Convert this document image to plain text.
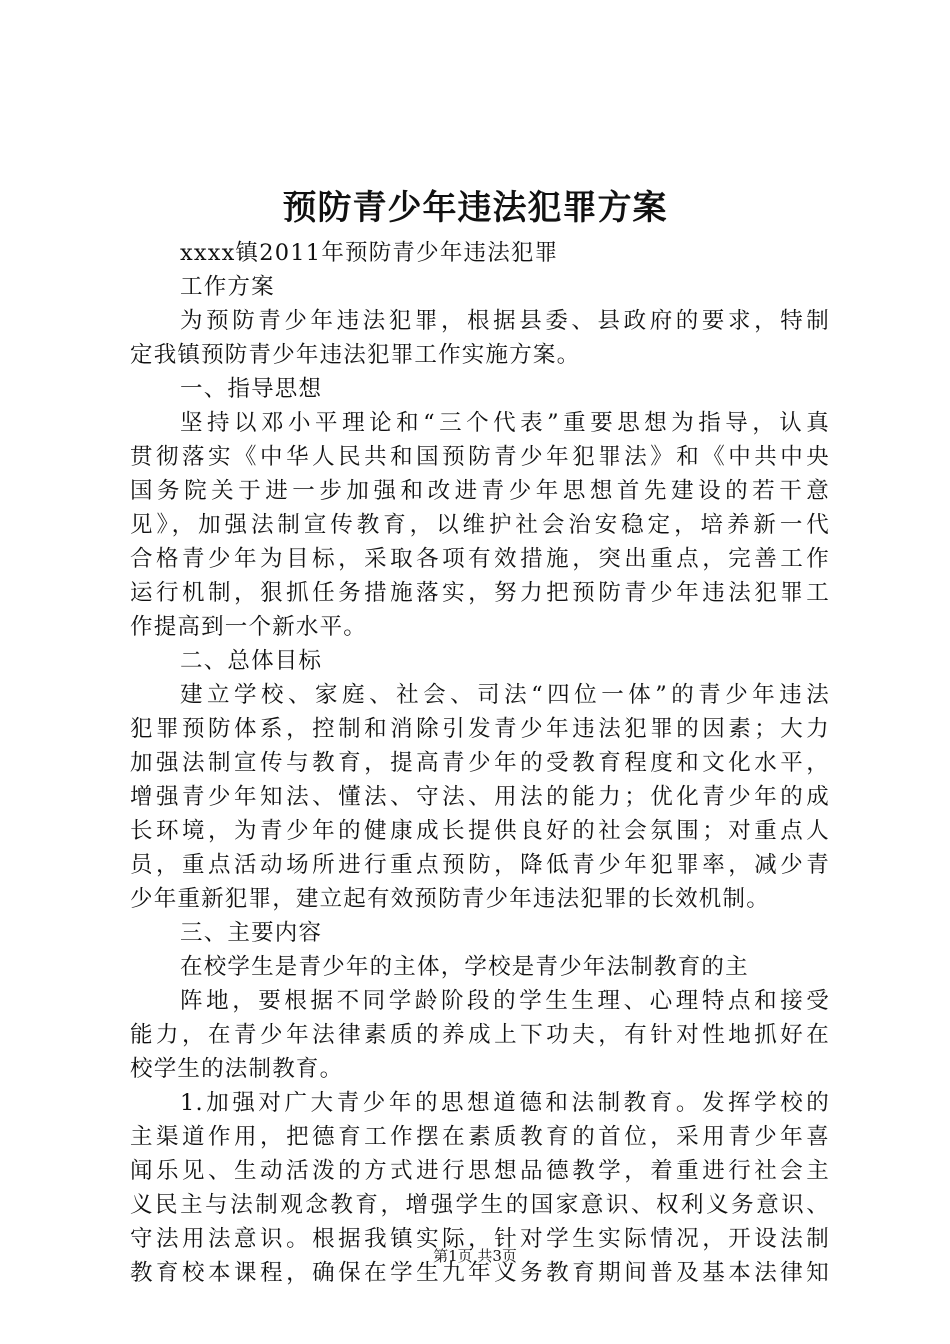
预防青少年违法犯罪方案
xxxx镇2011年预防青少年违法犯罪
工作方案
为预防青少年违法犯罪，根据县委、县政府的要求，特制
定我镇预防青少年违法犯罪工作实施方案。
一、指导思想
坚持以邓小平理论和“三个代表”重要思想为指导，认真
贯彻落实《中华人民共和国预防青少年犯罪法》和《中共中央
国务院关于进一步加强和改进青少年思想首先建设的若干意
见》，加强法制宣传教育，以维护社会治安稳定，培养新一代
合格青少年为目标，采取各项有效措施，突出重点，完善工作
运行机制，狠抓任务措施落实，努力把预防青少年违法犯罪工
作提高到一个新水平。
二、总体目标
建立学校、家庭、社会、司法“四位一体”的青少年违法
犯罪预防体系，控制和消除引发青少年违法犯罪的因素；大力
加强法制宣传与教育，提高青少年的受教育程度和文化水平，
增强青少年知法、懂法、守法、用法的能力；优化青少年的成
长环境，为青少年的健康成长提供良好的社会氛围；对重点人
员，重点活动场所进行重点预防，降低青少年犯罪率，减少青
少年重新犯罪，建立起有效预防青少年违法犯罪的长效机制。
三、主要内容
在校学生是青少年的主体，学校是青少年法制教育的主
阵地，要根据不同学龄阶段的学生生理、心理特点和接受
能力，在青少年法律素质的养成上下功夫，有针对性地抓好在
校学生的法制教育。
1.加强对广大青少年的思想道德和法制教育。发挥学校的
主渠道作用，把德育工作摆在素质教育的首位，采用青少年喜
闻乐见、生动活泼的方式进行思想品德教学，着重进行社会主
义民主与法制观念教育，增强学生的国家意识、权利义务意识、
守法用法意识。根据我镇实际，针对学生实际情况，开设法制
教育校本课程，确保在学生九年义务教育期间普及基本法律知
第1页 共3页
